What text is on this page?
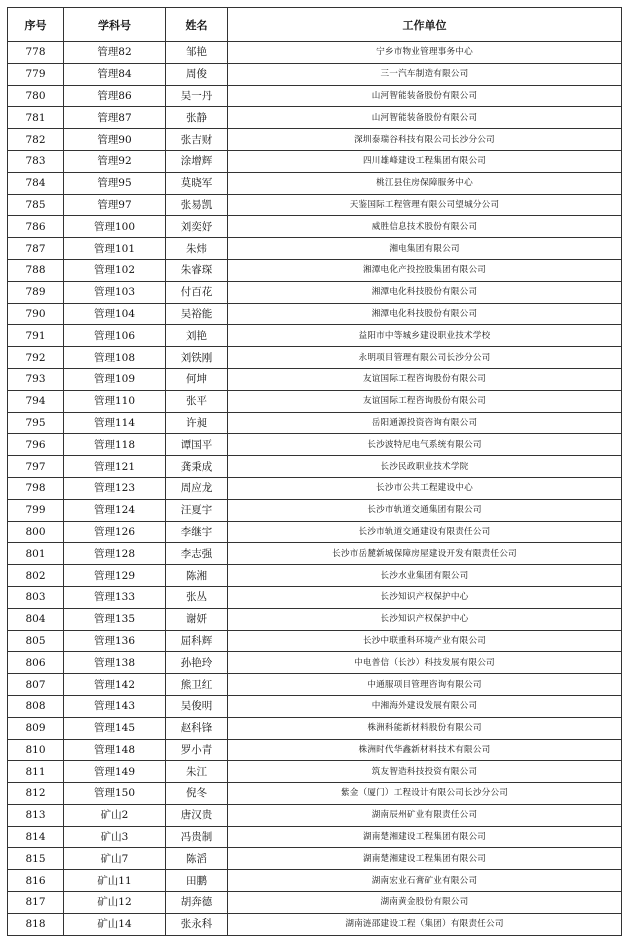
序号	学科号	姓名	工作单位
778	管理82	邹艳	宁乡市物业管理事务中心
779	管理84	周俊	三一汽车制造有限公司
780	管理86	吴一丹	山河智能装备股份有限公司
781	管理87	张静	山河智能装备股份有限公司
782	管理90	张吉财	深圳泰瑞谷科技有限公司长沙分公司
783	管理92	涂增辉	四川雄峰建设工程集团有限公司
784	管理95	莫晓军	桃江县住房保障服务中心
785	管理97	张易凯	天鉴国际工程管理有限公司望城分公司
786	管理100	刘奕妤	威胜信息技术股份有限公司
787	管理101	朱炜	湘电集团有限公司
788	管理102	朱睿琛	湘潭电化产投控股集团有限公司
789	管理103	付百花	湘潭电化科技股份有限公司
790	管理104	吴裕能	湘潭电化科技股份有限公司
791	管理106	刘艳	益阳市中等城乡建设职业技术学校
792	管理108	刘铁刚	永明项目管理有限公司长沙分公司
793	管理109	何坤	友谊国际工程咨询股份有限公司
794	管理110	张平	友谊国际工程咨询股份有限公司
795	管理114	许昶	岳阳通源投资咨询有限公司
796	管理118	谭国平	长沙波特尼电气系统有限公司
797	管理121	龚秉成	长沙民政职业技术学院
798	管理123	周应龙	长沙市公共工程建设中心
799	管理124	汪夏宇	长沙市轨道交通集团有限公司
800	管理126	李继宇	长沙市轨道交通建设有限责任公司
801	管理128	李志强	长沙市岳麓新城保障房屋建设开发有限责任公司
802	管理129	陈湘	长沙水业集团有限公司
803	管理133	张丛	长沙知识产权保护中心
804	管理135	谢妍	长沙知识产权保护中心
805	管理136	屈科辉	长沙中联重科环境产业有限公司
806	管理138	孙艳玲	中电普信（长沙）科技发展有限公司
807	管理142	熊卫红	中通服项目管理咨询有限公司
808	管理143	吴俊明	中湘海外建设发展有限公司
809	管理145	赵科锋	株洲科能新材料股份有限公司
810	管理148	罗小青	株洲时代华鑫新材料技术有限公司
811	管理149	朱江	筑友智造科技投资有限公司
812	管理150	倪冬	紫金（厦门）工程设计有限公司长沙分公司
813	矿山2	唐汉贵	湖南辰州矿业有限责任公司
814	矿山3	冯贵制	湖南楚湘建设工程集团有限公司
815	矿山7	陈滔	湖南楚湘建设工程集团有限公司
816	矿山11	田鹏	湖南宏业石膏矿业有限公司
817	矿山12	胡奔德	湖南黄金股份有限公司
818	矿山14	张永科	湖南涟邵建设工程（集团）有限责任公司
